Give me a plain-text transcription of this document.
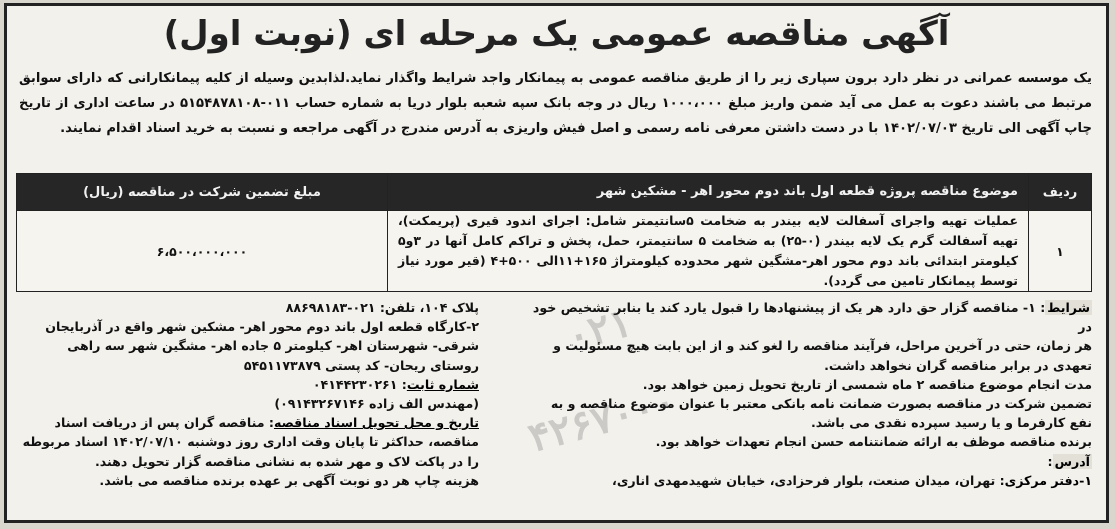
آگهی مناقصه عمومی یک مرحله ای (نوبت اول)
یک موسسه عمرانی در نظر دارد برون سپاری زیر را از طریق مناقصه عمومی به پیمانکار واجد شرایط واگذار نماید.لذابدین وسیله از کلیه پیمانکارانی که دارای سوابق مرتبط می باشند دعوت به عمل می آید ضمن واریز مبلغ ۱۰۰۰،۰۰۰ ریال در وجه بانک سپه شعبه بلوار دریا به شماره حساب ۰۱۱-۵۱۵۴۸۷۸۱۰۸ در ساعت اداری از تاریخ چاپ آگهی الی تاریخ ۱۴۰۲/۰۷/۰۳ با در دست داشتن معرفی نامه رسمی و اصل فیش واریزی به آدرس مندرج در آگهی مراجعه و نسبت به خرید اسناد اقدام نمایند.
ردیف	موضوع مناقصه پروژه قطعه اول باند دوم محور اهر - مشکین شهر	مبلغ تضمین شرکت در مناقصه (ریال)
۱	عملیات تهیه واجرای آسفالت لایه بیندر به ضخامت ۵سانتیمتر شامل: اجرای اندود قیری (پریمکت)، تهیه آسفالت گرم یک لایه بیندر (۰-۲۵) به ضخامت ۵ سانتیمتر، حمل، پخش و تراکم کامل آنها در ۳و۵ کیلومتر ابتدائی باند دوم محور اهر-مشگین شهر محدوده کیلومتراژ ۱۶۵+۱۱الی ۵۰۰+۴ (قیر مورد نیاز توسط پیمانکار تامین می گردد).	۶،۵۰۰،۰۰۰،۰۰۰
شرایط: ۱- مناقصه گزار حق دارد هر یک از پیشنهادها را قبول یارد کند یا بنابر تشخیص خود در
هر زمان، حتی در آخرین مراحل، فرآیند مناقصه را لغو کند و از این بابت هیچ مسئولیت و
تعهدی در برابر مناقصه گران نخواهد داشت.
مدت انجام موضوع مناقصه ۲ ماه شمسی از تاریخ تحویل زمین خواهد بود.
تضمین شرکت در مناقصه بصورت ضمانت نامه بانکی معتبر با عنوان موضوع مناقصه و به
نفع کارفرما و یا رسید سپرده نقدی می باشد.
برنده مناقصه موظف به ارائه ضمانتنامه حسن انجام تعهدات خواهد بود.
آدرس:
۱-دفتر مرکزی: تهران، میدان صنعت، بلوار فرحزادی، خیابان شهیدمهدی اناری،
پلاک ۱۰۴، تلفن: ۰۲۱-۸۸۶۹۸۱۸۳
۲-کارگاه قطعه اول باند دوم محور اهر- مشکین شهر واقع در آذربایجان شرقی- شهرستان اهر- کیلومتر ۵ جاده اهر- مشگین شهر سه راهی روستای ریحان- کد پستی ۵۴۵۱۱۷۳۸۷۹
شماره ثابت: ۰۴۱۴۴۲۳۰۲۶۱
(مهندس الف زاده ۰۹۱۴۳۲۶۷۱۴۶)
تاریخ و محل تحویل اسناد مناقصه: مناقصه گران پس از دریافت اسناد مناقصه، حداکثر تا پایان وقت اداری روز دوشنبه ۱۴۰۲/۰۷/۱۰ اسناد مربوطه را در پاکت لاک و مهر شده به نشانی مناقصه گزار تحویل دهند.
هزینه چاپ هر دو نوبت آگهی بر عهده برنده مناقصه می باشد.
۰۲۱
۴۲۶۷۰۰۰
